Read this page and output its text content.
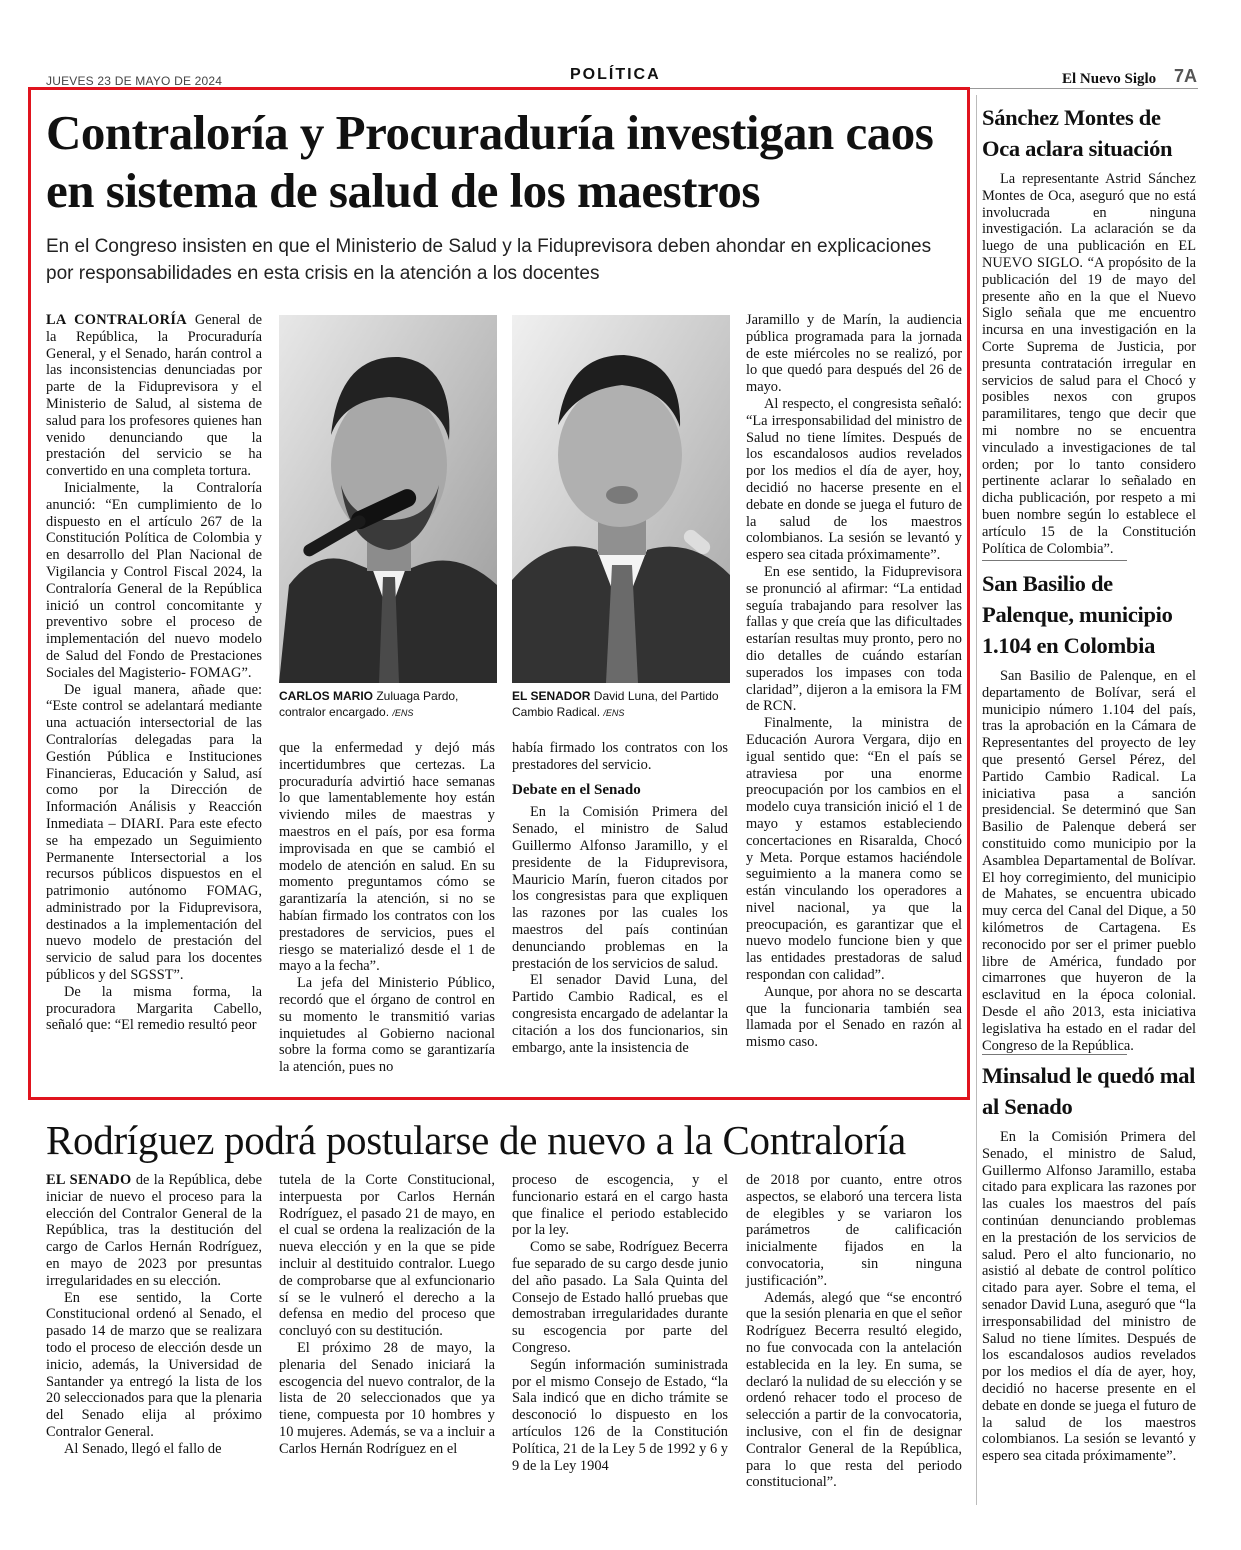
JUEVES 23 DE MAYO DE 2024	POLÍTICA	El Nuevo Siglo 7A
Contraloría y Procuraduría investigan caos en sistema de salud de los maestros
En el Congreso insisten en que el Ministerio de Salud y la Fiduprevisora deben ahondar en explicaciones por responsabilidades en esta crisis en la atención a los docentes

LA CONTRALORÍA General de la República, la Procuraduría General, y el Senado, harán control a las inconsistencias denunciadas por parte de la Fiduprevisora y el Ministerio de Salud, al sistema de salud para los profesores quienes han venido denunciando que la prestación del servicio se ha convertido en una completa tortura.

Inicialmente, la Contraloría anunció: “En cumplimiento de lo dispuesto en el artículo 267 de la Constitución Política de Colombia y en desarrollo del Plan Nacional de Vigilancia y Control Fiscal 2024, la Contraloría General de la República inició un control concomitante y preventivo sobre el proceso de implementación del nuevo modelo de Salud del Fondo de Prestaciones Sociales del Magisterio- FOMAG”.

De igual manera, añade que: “Este control se adelantará mediante una actuación intersectorial de las Contralorías delegadas para la Gestión Pública e Instituciones Financieras, Educación y Salud, así como por la Dirección de Información Análisis y Reacción Inmediata – DIARI. Para este efecto se ha empezado un Seguimiento Permanente Intersectorial a los recursos públicos dispuestos en el patrimonio autónomo FOMAG, administrado por la Fiduprevisora, destinados a la implementación del nuevo modelo de prestación del servicio de salud para los docentes públicos y del SGSST”.

De la misma forma, la procuradora Margarita Cabello, señaló que: “El remedio resultó peor

CARLOS MARIO Zuluaga Pardo, contralor encargado. /ENS
EL SENADOR David Luna, del Partido Cambio Radical. /ENS

que la enfermedad y dejó más incertidumbres que certezas. La procuraduría advirtió hace semanas lo que lamentablemente hoy están viviendo miles de maestras y maestros en el país, por esa forma improvisada en que se cambió el modelo de atención en salud. En su momento preguntamos cómo se garantizaría la atención, si no se habían firmado los contratos con los prestadores de servicios, pues el riesgo se materializó desde el 1 de mayo a la fecha”.

La jefa del Ministerio Público, recordó que el órgano de control en su momento le transmitió varias inquietudes al Gobierno nacional sobre la forma como se garantizaría la atención, pues no

había firmado los contratos con los prestadores del servicio.

Debate en el Senado

En la Comisión Primera del Senado, el ministro de Salud Guillermo Alfonso Jaramillo, y el presidente de la Fiduprevisora, Mauricio Marín, fueron citados por los congresistas para que expliquen las razones por las cuales los maestros del país continúan denunciando problemas en la prestación de los servicios de salud.

El senador David Luna, del Partido Cambio Radical, es el congresista encargado de adelantar la citación a los dos funcionarios, sin embargo, ante la insistencia de

Jaramillo y de Marín, la audiencia pública programada para la jornada de este miércoles no se realizó, por lo que quedó para después del 26 de mayo.

Al respecto, el congresista señaló: “La irresponsabilidad del ministro de Salud no tiene límites. Después de los escandalosos audios revelados por los medios el día de ayer, hoy, decidió no hacerse presente en el debate en donde se juega el futuro de la salud de los maestros colombianos. La sesión se levantó y espero sea citada próximamente”.

En ese sentido, la Fiduprevisora se pronunció al afirmar: “La entidad seguía trabajando para resolver las fallas y que creía que las dificultades estarían resultas muy pronto, pero no dio detalles de cuándo estarían superados los impases con toda claridad”, dijeron a la emisora la FM de RCN.

Finalmente, la ministra de Educación Aurora Vergara, dijo en igual sentido que: “En el país se atraviesa por una enorme preocupación por los cambios en el modelo cuya transición inició el 1 de mayo y estamos estableciendo concertaciones en Risaralda, Chocó y Meta. Porque estamos haciéndole seguimiento a la manera como se están vinculando los operadores a nivel nacional, ya que la preocupación, es garantizar que el nuevo modelo funcione bien y que las entidades prestadoras de salud respondan con calidad”.

Aunque, por ahora no se descarta que la funcionaria también sea llamada por el Senado en razón al mismo caso.

Sánchez Montes de Oca aclara situación

La representante Astrid Sánchez Montes de Oca, aseguró que no está involucrada en ninguna investigación. La aclaración se da luego de una publicación en EL NUEVO SIGLO. “A propósito de la publicación del 19 de mayo del presente año en la que el Nuevo Siglo señala que me encuentro incursa en una investigación en la Corte Suprema de Justicia, por presunta contratación irregular en servicios de salud para el Chocó y posibles nexos con grupos paramilitares, tengo que decir que mi nombre no se encuentra vinculado a investigaciones de tal orden; por lo tanto considero pertinente aclarar lo señalado en dicha publicación, por respeto a mi buen nombre según lo establece el artículo 15 de la Constitución Política de Colombia”.

San Basilio de Palenque, municipio 1.104 en Colombia

San Basilio de Palenque, en el departamento de Bolívar, será el municipio número 1.104 del país, tras la aprobación en la Cámara de Representantes del proyecto de ley que presentó Gersel Pérez, del Partido Cambio Radical. La iniciativa pasa a sanción presidencial. Se determinó que San Basilio de Palenque deberá ser constituido como municipio por la Asamblea Departamental de Bolívar. El hoy corregimiento, del municipio de Mahates, se encuentra ubicado muy cerca del Canal del Dique, a 50 kilómetros de Cartagena. Es reconocido por ser el primer pueblo libre de América, fundado por cimarrones que huyeron de la esclavitud en la época colonial. Desde el año 2013, esta iniciativa legislativa ha estado en el radar del Congreso de la República.

Minsalud le quedó mal al Senado

En la Comisión Primera del Senado, el ministro de Salud, Guillermo Alfonso Jaramillo, estaba citado para explicara las razones por las cuales los maestros del país continúan denunciando problemas en la prestación de los servicios de salud. Pero el alto funcionario, no asistió al debate de control político citado para ayer. Sobre el tema, el senador David Luna, aseguró que “la irresponsabilidad del ministro de Salud no tiene límites. Después de los escandalosos audios revelados por los medios el día de ayer, hoy, decidió no hacerse presente en el debate en donde se juega el futuro de la salud de los maestros colombianos. La sesión se levantó y espero sea citada próximamente”.

Rodríguez podrá postularse de nuevo a la Contraloría

EL SENADO de la República, debe iniciar de nuevo el proceso para la elección del Contralor General de la República, tras la destitución del cargo de Carlos Hernán Rodríguez, en mayo de 2023 por presuntas irregularidades en su elección.

En ese sentido, la Corte Constitucional ordenó al Senado, el pasado 14 de marzo que se realizara todo el proceso de elección desde un inicio, además, la Universidad de Santander ya entregó la lista de los 20 seleccionados para que la plenaria del Senado elija al próximo Contralor General.

Al Senado, llegó el fallo de

tutela de la Corte Constitucional, interpuesta por Carlos Hernán Rodríguez, el pasado 21 de mayo, en el cual se ordena la realización de la nueva elección y en la que se pide incluir al destituido contralor. Luego de comprobarse que al exfuncionario sí se le vulneró el derecho a la defensa en medio del proceso que concluyó con su destitución.

El próximo 28 de mayo, la plenaria del Senado iniciará la escogencia del nuevo contralor, de la lista de 20 seleccionados que ya tiene, compuesta por 10 hombres y 10 mujeres. Además, se va a incluir a Carlos Hernán Rodríguez en el

proceso de escogencia, y el funcionario estará en el cargo hasta que finalice el periodo establecido por la ley.

Como se sabe, Rodríguez Becerra fue separado de su cargo desde junio del año pasado. La Sala Quinta del Consejo de Estado halló pruebas que demostraban irregularidades durante su escogencia por parte del Congreso.

Según información suministrada por el mismo Consejo de Estado, “la Sala indicó que en dicho trámite se desconoció lo dispuesto en los artículos 126 de la Constitución Política, 21 de la Ley 5 de 1992 y 6 y 9 de la Ley 1904

de 2018 por cuanto, entre otros aspectos, se elaboró una tercera lista de elegibles y se variaron los parámetros de calificación inicialmente fijados en la convocatoria, sin ninguna justificación”.

Además, alegó que “se encontró que la sesión plenaria en que el señor Rodríguez Becerra resultó elegido, no fue convocada con la antelación establecida en la ley. En suma, se declaró la nulidad de su elección y se ordenó rehacer todo el proceso de selección a partir de la convocatoria, inclusive, con el fin de designar Contralor General de la República, para lo que resta del periodo constitucional”.
